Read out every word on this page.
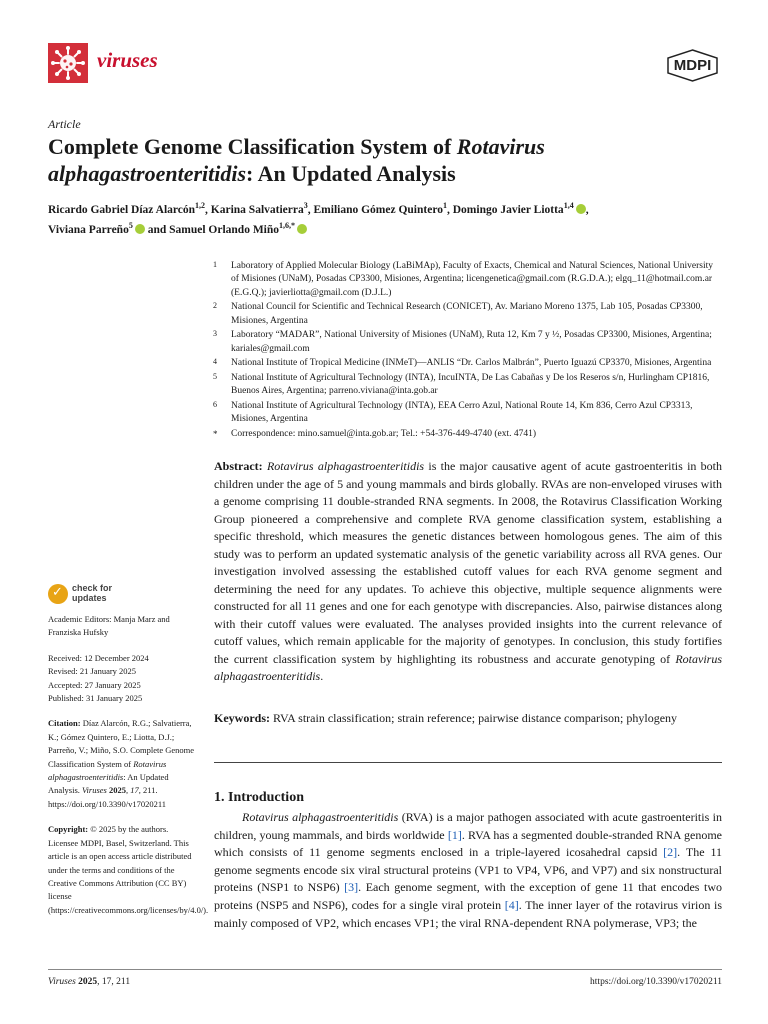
viruses	MDPI
Article
Complete Genome Classification System of Rotavirus alphagastroenteritidis: An Updated Analysis
Ricardo Gabriel Díaz Alarcón$^{1,2}$, Karina Salvatierra$^3$, Emiliano Gómez Quintero$^1$, Domingo Javier Liotta$^{1,4}$ ,
Viviana Parreño$^5$ and Samuel Orlando Miño$^{1,6,*}$
1 Laboratory of Applied Molecular Biology (LaBiMAp), Faculty of Exacts, Chemical and Natural Sciences, National University of Misiones (UNaM), Posadas CP3300, Misiones, Argentina; licengenetica@gmail.com (R.G.D.A.); elgq_11@hotmail.com.ar (E.G.Q.); javierliotta@gmail.com (D.J.L.)
2 National Council for Scientific and Technical Research (CONICET), Av. Mariano Moreno 1375, Lab 105, Posadas CP3300, Misiones, Argentina
3 Laboratory “MADAR”, National University of Misiones (UNaM), Ruta 12, Km 7 y ½, Posadas CP3300, Misiones, Argentina; kariales@gmail.com
4 National Institute of Tropical Medicine (INMeT)—ANLIS “Dr. Carlos Malbrán”, Puerto Iguazú CP3370, Misiones, Argentina
5 National Institute of Agricultural Technology (INTA), IncuINTA, De Las Cabañas y De los Reseros s/n, Hurlingham CP1816, Buenos Aires, Argentina; parreno.viviana@inta.gob.ar
6 National Institute of Agricultural Technology (INTA), EEA Cerro Azul, National Route 14, Km 836, Cerro Azul CP3313, Misiones, Argentina
* Correspondence: mino.samuel@inta.gob.ar; Tel.: +54-376-449-4740 (ext. 4741)
✓ check for
updates
Academic Editors: Manja Marz and Franziska Hufsky
Received: 12 December 2024
Revised: 21 January 2025
Accepted: 27 January 2025
Published: 31 January 2025
Citation: Díaz Alarcón, R.G.; Salvatierra, K.; Gómez Quintero, E.; Liotta, D.J.; Parreño, V.; Miño, S.O. Complete Genome Classification System of Rotavirus alphagastroenteritidis: An Updated Analysis. Viruses 2025, 17, 211. https://doi.org/10.3390/v17020211
Copyright: © 2025 by the authors. Licensee MDPI, Basel, Switzerland. This article is an open access article distributed under the terms and conditions of the Creative Commons Attribution (CC BY) license (https://creativecommons.org/licenses/by/4.0/).
Abstract: Rotavirus alphagastroenteritidis is the major causative agent of acute gastroenteritis in both children under the age of 5 and young mammals and birds globally. RVAs are non-enveloped viruses with a genome comprising 11 double-stranded RNA segments. In 2008, the Rotavirus Classification Working Group pioneered a comprehensive and complete RVA genome classification system, establishing a specific threshold, which measures the genetic distances between homologous genes. The aim of this study was to perform an updated systematic analysis of the genetic variability across all RVA genes. Our investigation involved assessing the established cutoff values for each RVA genome segment and determining the need for any updates. To achieve this objective, multiple sequence alignments were constructed for all 11 genes and one for each genotype with discrepancies. Also, pairwise distances along with their cutoff values were evaluated. The analyses provided insights into the current relevance of cutoff values, which remain applicable for the majority of genotypes. In conclusion, this study fortifies the current classification system by highlighting its robustness and accurate genotyping of Rotavirus alphagastroenteritidis.
Keywords: RVA strain classification; strain reference; pairwise distance comparison; phylogeny
1. Introduction
Rotavirus alphagastroenteritidis (RVA) is a major pathogen associated with acute gastroenteritis in children, young mammals, and birds worldwide [1]. RVA has a segmented double-stranded RNA genome which consists of 11 genome segments enclosed in a triple-layered icosahedral capsid [2]. The 11 genome segments encode six viral structural proteins (VP1 to VP4, VP6, and VP7) and six nonstructural proteins (NSP1 to NSP6) [3]. Each genome segment, with the exception of gene 11 that encodes two proteins (NSP5 and NSP6), codes for a single viral protein [4]. The inner layer of the rotavirus virion is mainly composed of VP2, which encases VP1; the viral RNA-dependent RNA polymerase, VP3; the
Viruses 2025, 17, 211	https://doi.org/10.3390/v17020211
